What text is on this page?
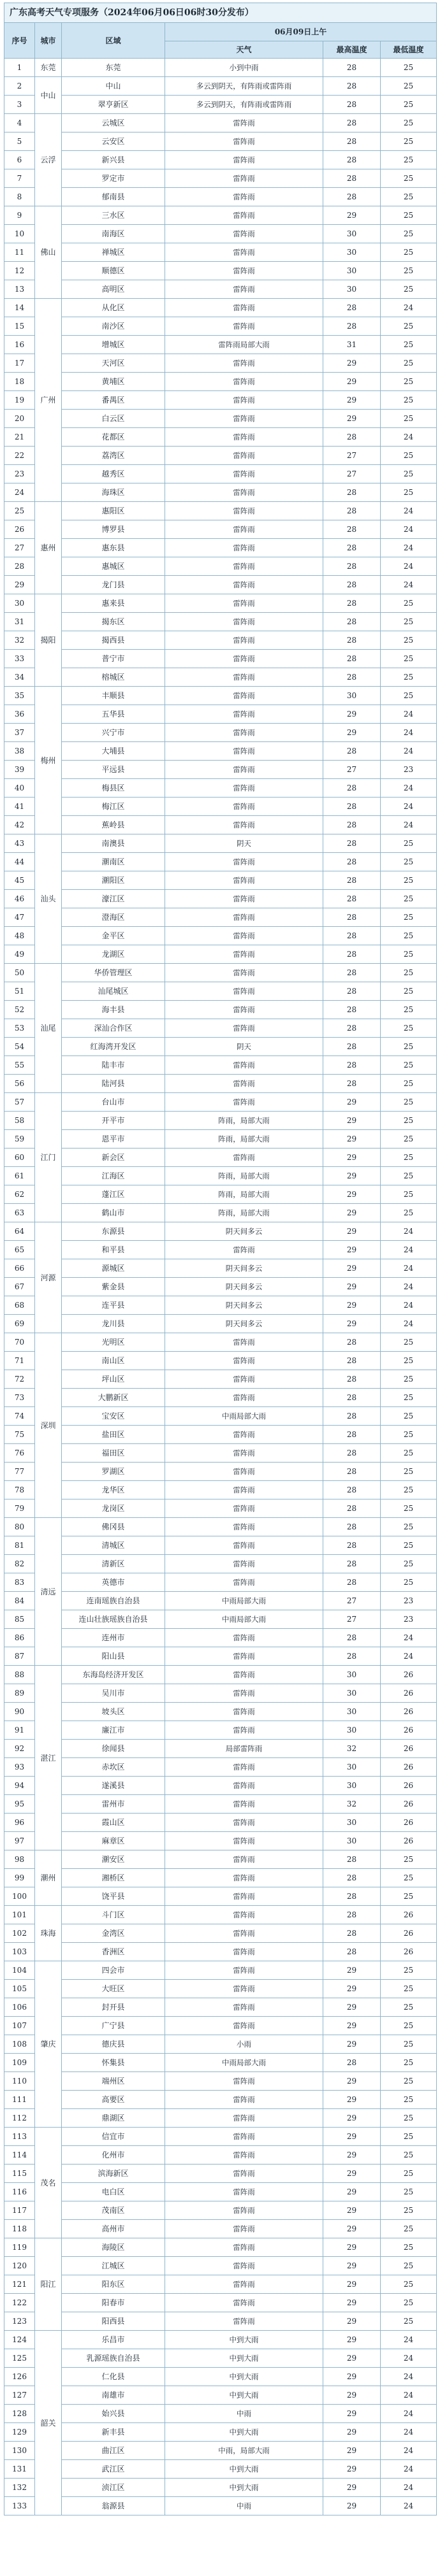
广东高考天气专项服务（2024年06月06日06时30分发布）					
序号	城市	区域	06月09日上午		
			天气	最高温度	最低温度
1	东莞	东莞	小到中雨	28	25
2	中山	中山	多云到阴天，有阵雨或雷阵雨	28	25
3		翠亨新区	多云到阴天，有阵雨或雷阵雨	28	25
4	云浮	云城区	雷阵雨	28	25
5		云安区	雷阵雨	28	25
6		新兴县	雷阵雨	28	25
7		罗定市	雷阵雨	28	25
8		郁南县	雷阵雨	28	25
9	佛山	三水区	雷阵雨	29	25
10		南海区	雷阵雨	30	25
11		禅城区	雷阵雨	30	25
12		顺德区	雷阵雨	30	25
13		高明区	雷阵雨	30	25
14	广州	从化区	雷阵雨	28	24
15		南沙区	雷阵雨	28	25
16		增城区	雷阵雨局部大雨	31	25
17		天河区	雷阵雨	29	25
18		黄埔区	雷阵雨	29	25
19		番禺区	雷阵雨	29	25
20		白云区	雷阵雨	29	25
21		花都区	雷阵雨	28	24
22		荔湾区	雷阵雨	27	25
23		越秀区	雷阵雨	27	25
24		海珠区	雷阵雨	28	25
25	惠州	惠阳区	雷阵雨	28	24
26		博罗县	雷阵雨	28	24
27		惠东县	雷阵雨	28	24
28		惠城区	雷阵雨	28	24
29		龙门县	雷阵雨	28	24
30	揭阳	惠来县	雷阵雨	28	25
31		揭东区	雷阵雨	28	25
32		揭西县	雷阵雨	28	25
33		普宁市	雷阵雨	28	25
34		榕城区	雷阵雨	28	25
35	梅州	丰顺县	雷阵雨	30	25
36		五华县	雷阵雨	29	24
37		兴宁市	雷阵雨	29	24
38		大埔县	雷阵雨	28	24
39		平远县	雷阵雨	27	23
40		梅县区	雷阵雨	28	24
41		梅江区	雷阵雨	28	24
42		蕉岭县	雷阵雨	28	24
43	汕头	南澳县	阴天	28	25
44		潮南区	雷阵雨	28	25
45		潮阳区	雷阵雨	28	25
46		濠江区	雷阵雨	28	25
47		澄海区	雷阵雨	28	25
48		金平区	雷阵雨	28	25
49		龙湖区	雷阵雨	28	25
50	汕尾	华侨管理区	雷阵雨	28	25
51		汕尾城区	雷阵雨	28	25
52		海丰县	雷阵雨	28	25
53		深汕合作区	雷阵雨	28	25
54		红海湾开发区	阴天	28	25
55		陆丰市	雷阵雨	28	25
56		陆河县	雷阵雨	28	25
57	江门	台山市	雷阵雨	29	25
58		开平市	阵雨，局部大雨	29	25
59		恩平市	阵雨，局部大雨	29	25
60		新会区	雷阵雨	29	25
61		江海区	阵雨，局部大雨	29	25
62		蓬江区	阵雨，局部大雨	29	25
63		鹤山市	阵雨，局部大雨	29	25
64	河源	东源县	阴天间多云	29	24
65		和平县	雷阵雨	29	24
66		源城区	阴天间多云	29	24
67		紫金县	阴天间多云	29	24
68		连平县	阴天间多云	29	24
69		龙川县	阴天间多云	29	24
70	深圳	光明区	雷阵雨	28	25
71		南山区	雷阵雨	28	25
72		坪山区	雷阵雨	28	25
73		大鹏新区	雷阵雨	28	25
74		宝安区	中雨局部大雨	28	25
75		盐田区	雷阵雨	28	25
76		福田区	雷阵雨	28	25
77		罗湖区	雷阵雨	28	25
78		龙华区	雷阵雨	28	25
79		龙岗区	雷阵雨	28	25
80	清远	佛冈县	雷阵雨	28	25
81		清城区	雷阵雨	28	25
82		清新区	雷阵雨	28	25
83		英德市	雷阵雨	28	25
84		连南瑶族自治县	中雨局部大雨	27	23
85		连山壮族瑶族自治县	中雨局部大雨	27	23
86		连州市	雷阵雨	28	24
87		阳山县	雷阵雨	28	24
88	湛江	东海岛经济开发区	雷阵雨	30	26
89		吴川市	雷阵雨	30	26
90		坡头区	雷阵雨	30	26
91		廉江市	雷阵雨	30	26
92		徐闻县	局部雷阵雨	32	26
93		赤坎区	雷阵雨	30	26
94		遂溪县	雷阵雨	30	26
95		雷州市	雷阵雨	32	26
96		霞山区	雷阵雨	30	26
97		麻章区	雷阵雨	30	26
98	潮州	潮安区	雷阵雨	28	25
99		湘桥区	雷阵雨	28	25
100		饶平县	雷阵雨	28	25
101	珠海	斗门区	雷阵雨	28	26
102		金湾区	雷阵雨	28	26
103		香洲区	雷阵雨	28	26
104	肇庆	四会市	雷阵雨	29	25
105		大旺区	雷阵雨	29	25
106		封开县	雷阵雨	29	25
107		广宁县	雷阵雨	29	25
108		德庆县	小雨	29	25
109		怀集县	中雨局部大雨	28	25
110		端州区	雷阵雨	29	25
111		高要区	雷阵雨	29	25
112		鼎湖区	雷阵雨	29	25
113	茂名	信宜市	雷阵雨	29	25
114		化州市	雷阵雨	29	25
115		滨海新区	雷阵雨	29	25
116		电白区	雷阵雨	29	25
117		茂南区	雷阵雨	29	25
118		高州市	雷阵雨	29	25
119	阳江	海陵区	雷阵雨	29	25
120		江城区	雷阵雨	29	25
121		阳东区	雷阵雨	29	25
122		阳春市	雷阵雨	29	25
123		阳西县	雷阵雨	29	25
124	韶关	乐昌市	中到大雨	29	24
125		乳源瑶族自治县	中到大雨	29	24
126		仁化县	中到大雨	29	24
127		南雄市	中到大雨	29	24
128		始兴县	中雨	29	24
129		新丰县	中到大雨	29	24
130		曲江区	中雨，局部大雨	29	24
131		武江区	中到大雨	29	24
132		浈江区	中到大雨	29	24
133		翁源县	中雨	29	24
